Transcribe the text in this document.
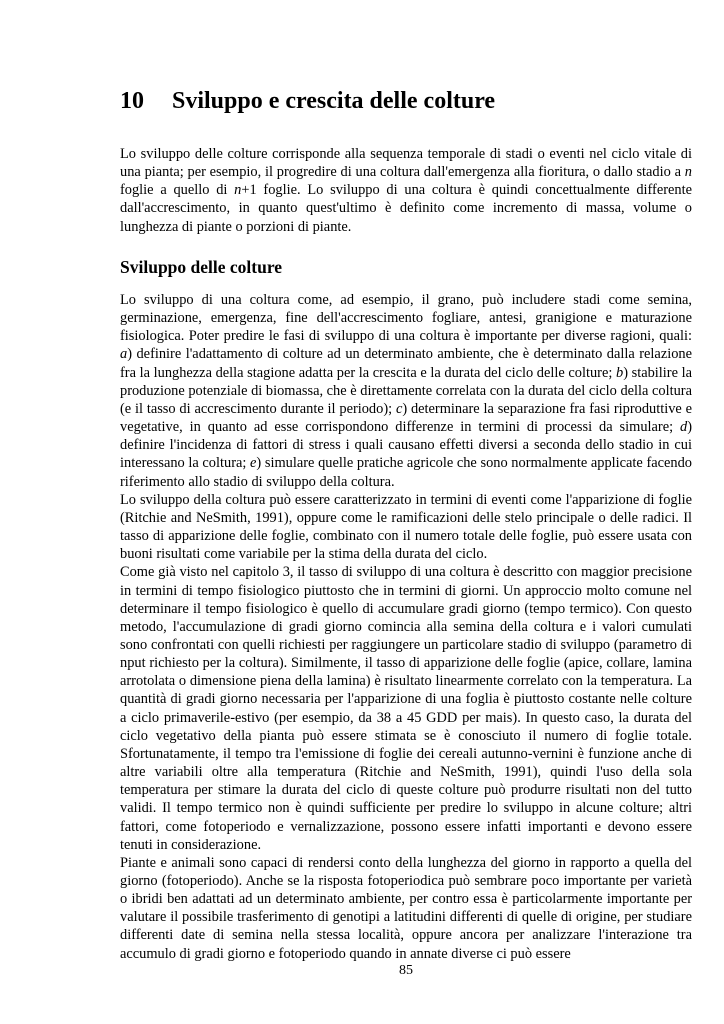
10 Sviluppo e crescita delle colture

Lo sviluppo delle colture corrisponde alla sequenza temporale di stadi o eventi nel ciclo vitale di una pianta; per esempio, il progredire di una coltura dall'emergenza alla fioritura, o dallo stadio a n foglie a quello di n+1 foglie. Lo sviluppo di una coltura è quindi concettualmente differente dall'accrescimento, in quanto quest'ultimo è definito come incremento di massa, volume o lunghezza di piante o porzioni di piante.

Sviluppo delle colture

Lo sviluppo di una coltura come, ad esempio, il grano, può includere stadi come semina, germinazione, emergenza, fine dell'accrescimento fogliare, antesi, granigione e maturazione fisiologica. Poter predire le fasi di sviluppo di una coltura è importante per diverse ragioni, quali: a) definire l'adattamento di colture ad un determinato ambiente, che è determinato dalla relazione fra la lunghezza della stagione adatta per la crescita e la durata del ciclo delle colture; b) stabilire la produzione potenziale di biomassa, che è direttamente correlata con la durata del ciclo della coltura (e il tasso di accrescimento durante il periodo); c) determinare la separazione fra fasi riproduttive e vegetative, in quanto ad esse corrispondono differenze in termini di processi da simulare; d) definire l'incidenza di fattori di stress i quali causano effetti diversi a seconda dello stadio in cui interessano la coltura; e) simulare quelle pratiche agricole che sono normalmente applicate facendo riferimento allo stadio di sviluppo della coltura.

Lo sviluppo della coltura può essere caratterizzato in termini di eventi come l'apparizione di foglie (Ritchie and NeSmith, 1991), oppure come le ramificazioni delle stelo principale o delle radici. Il tasso di apparizione delle foglie, combinato con il numero totale delle foglie, può essere usata con buoni risultati come variabile per la stima della durata del ciclo.

Come già visto nel capitolo 3, il tasso di sviluppo di una coltura è descritto con maggior precisione in termini di tempo fisiologico piuttosto che in termini di giorni. Un approccio molto comune nel determinare il tempo fisiologico è quello di accumulare gradi giorno (tempo termico). Con questo metodo, l'accumulazione di gradi giorno comincia alla semina della coltura e i valori cumulati sono confrontati con quelli richiesti per raggiungere un particolare stadio di sviluppo (parametro di nput richiesto per la coltura). Similmente, il tasso di apparizione delle foglie (apice, collare, lamina arrotolata o dimensione piena della lamina) è risultato linearmente correlato con la temperatura. La quantità di gradi giorno necessaria per l'apparizione di una foglia è piuttosto costante nelle colture a ciclo primaverile-estivo (per esempio, da 38 a 45 GDD per mais). In questo caso, la durata del ciclo vegetativo della pianta può essere stimata se è conosciuto il numero di foglie totale. Sfortunatamente, il tempo tra l'emissione di foglie dei cereali autunno-vernini è funzione anche di altre variabili oltre alla temperatura (Ritchie and NeSmith, 1991), quindi l'uso della sola temperatura per stimare la durata del ciclo di queste colture può produrre risultati non del tutto validi. Il tempo termico non è quindi sufficiente per predire lo sviluppo in alcune colture; altri fattori, come fotoperiodo e vernalizzazione, possono essere infatti importanti e devono essere tenuti in considerazione.

Piante e animali sono capaci di rendersi conto della lunghezza del giorno in rapporto a quella del giorno (fotoperiodo). Anche se la risposta fotoperiodica può sembrare poco importante per varietà o ibridi ben adattati ad un determinato ambiente, per contro essa è particolarmente importante per valutare il possibile trasferimento di genotipi a latitudini differenti di quelle di origine, per studiare differenti date di semina nella stessa località, oppure ancora per analizzare l'interazione tra accumulo di gradi giorno e fotoperiodo quando in annate diverse ci può essere

85
